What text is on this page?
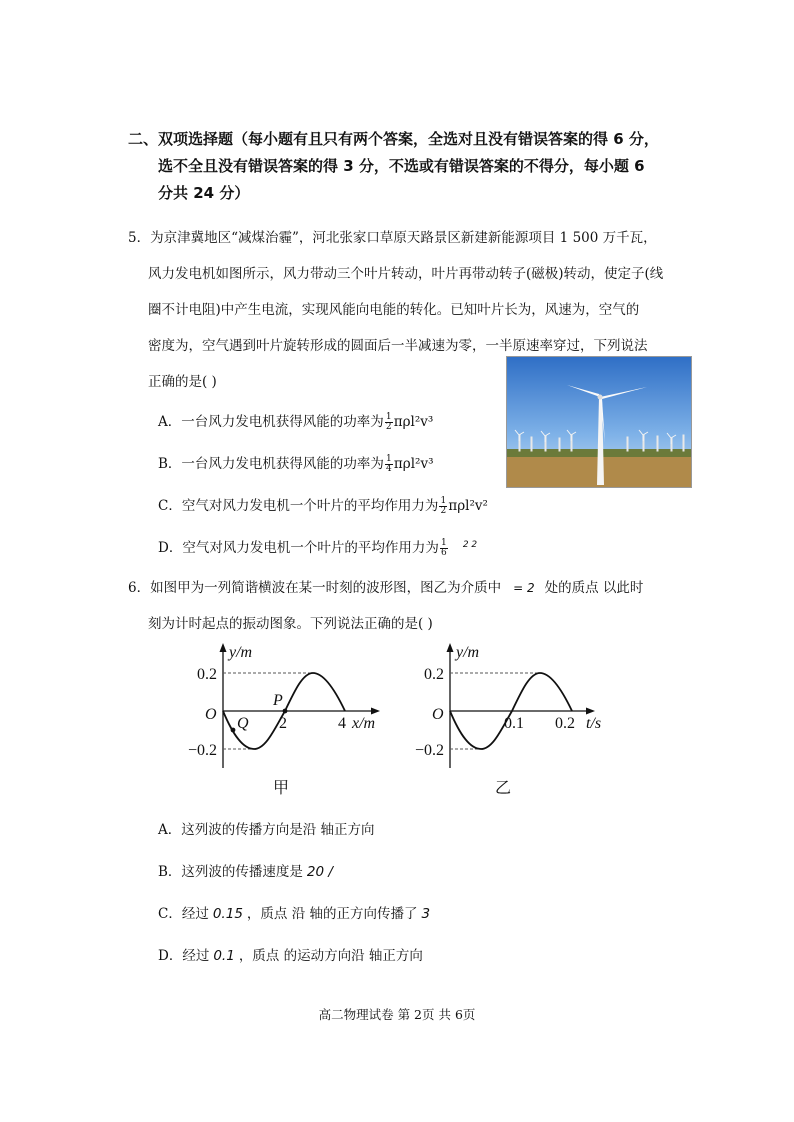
二、双项选择题（每小题有且只有两个答案，全选对且没有错误答案的得 6 分，
选不全且没有错误答案的得 3 分，不选或有错误答案的不得分，每小题 6
分共 24 分）
5．为京津冀地区“减煤治霾”，河北张家口草原天路景区新建新能源项目 1 500 万千瓦，
风力发电机如图所示，风力带动三个叶片转动，叶片再带动转子(磁极)转动，使定子(线
圈不计电阻)中产生电流，实现风能向电能的转化。已知叶片长为，风速为，空气的
密度为，空气遇到叶片旋转形成的圆面后一半减速为零，一半原速率穿过，下列说法
正确的是( )
A．一台风力发电机获得风能的功率为 $\frac{1}{2} \pi\rho l^2v^3$
B．一台风力发电机获得风能的功率为 $\frac{1}{4} \pi\rho l^2v^3$
C．空气对风力发电机一个叶片的平均作用力为 $\frac{1}{2} \pi\rho l^2v^2$
D．空气对风力发电机一个叶片的平均作用力为 $\frac{1}{6} ^{2 2}$
6．如图甲为一列简谐横波在某一时刻的波形图，图乙为介质中 = 2 处的质点 以此时
刻为计时起点的振动图象。下列说法正确的是( )
y/m
0.2
−0.2
O
2	4 x/m
P
Q
甲
y/m
0.2
−0.2
O
0.1 0.2 t/s
乙
A．这列波的传播方向是沿 轴正方向
B．这列波的传播速度是 20 /
C．经过 0.15 ，质点 沿 轴的正方向传播了 3
D．经过 0.1 ，质点 的运动方向沿 轴正方向
高二物理试卷 第 2页 共 6页
